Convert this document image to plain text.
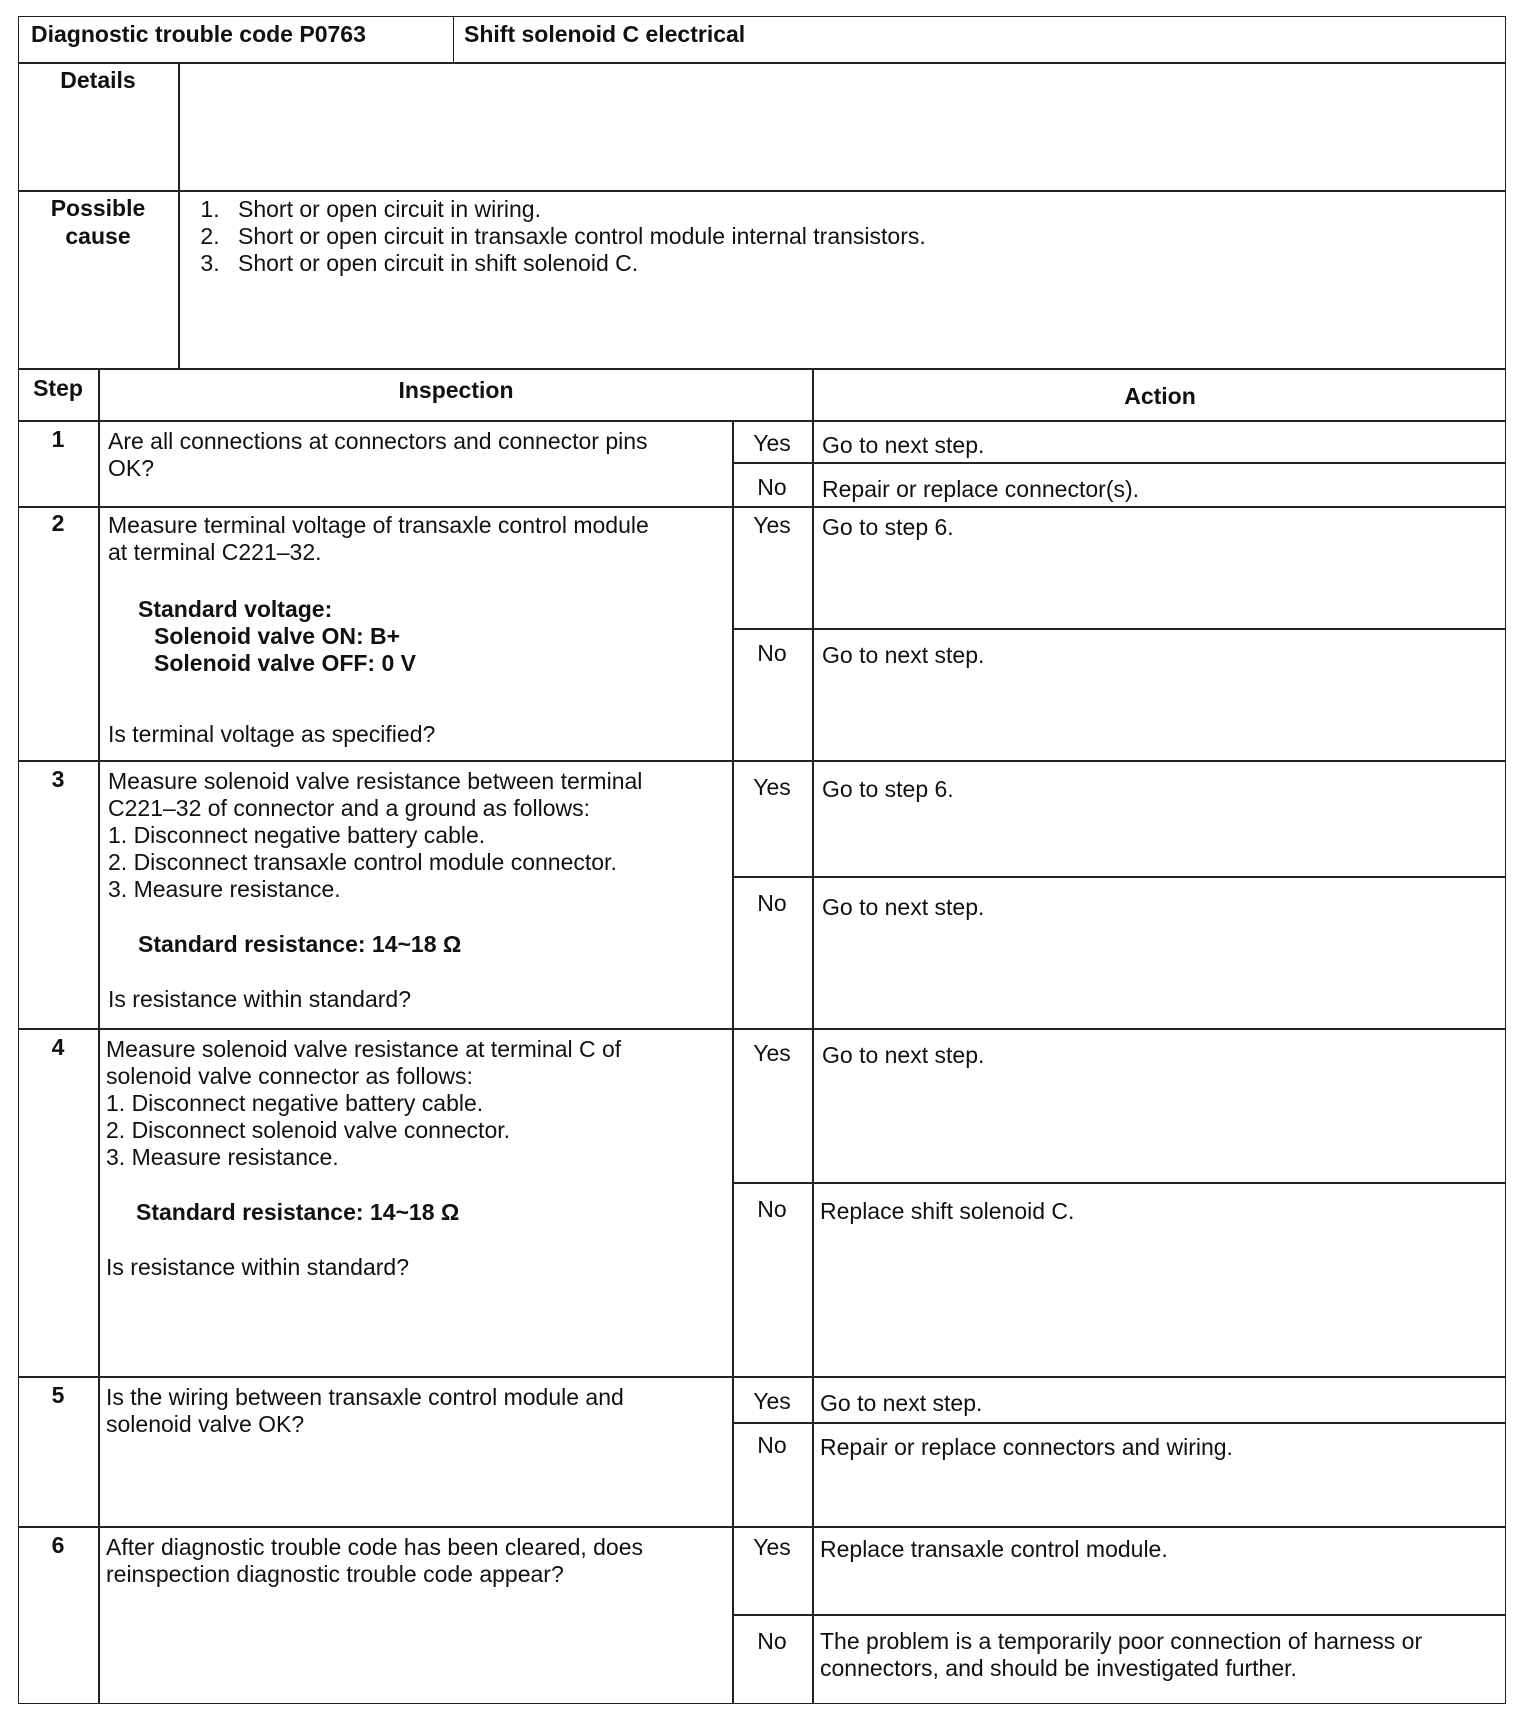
Diagnostic trouble code P0763	Shift solenoid C electrical
Details
Possible
cause
1. Short or open circuit in wiring.
2. Short or open circuit in transaxle control module internal transistors.
3. Short or open circuit in shift solenoid C.
Step	Inspection	Action
1	Are all connections at connectors and connector pins
OK?
Yes	Go to next step.
No	Repair or replace connector(s).
2	Measure terminal voltage of transaxle control module
at terminal C221–32.
Standard voltage:
Solenoid valve ON: B+
Solenoid valve OFF: 0 V
Is terminal voltage as specified?
Yes	Go to step 6.
No	Go to next step.
3	Measure solenoid valve resistance between terminal
C221–32 of connector and a ground as follows:
1. Disconnect negative battery cable.
2. Disconnect transaxle control module connector.
3. Measure resistance.
Standard resistance: 14~18 Ω
Is resistance within standard?
Yes	Go to step 6.
No	Go to next step.
4	Measure solenoid valve resistance at terminal C of
solenoid valve connector as follows:
1. Disconnect negative battery cable.
2. Disconnect solenoid valve connector.
3. Measure resistance.
Standard resistance: 14~18 Ω
Is resistance within standard?
Yes	Go to next step.
No	Replace shift solenoid C.
5	Is the wiring between transaxle control module and
solenoid valve OK?
Yes	Go to next step.
No	Repair or replace connectors and wiring.
6	After diagnostic trouble code has been cleared, does
reinspection diagnostic trouble code appear?
Yes	Replace transaxle control module.
No	The problem is a temporarily poor connection of harness or
connectors, and should be investigated further.
